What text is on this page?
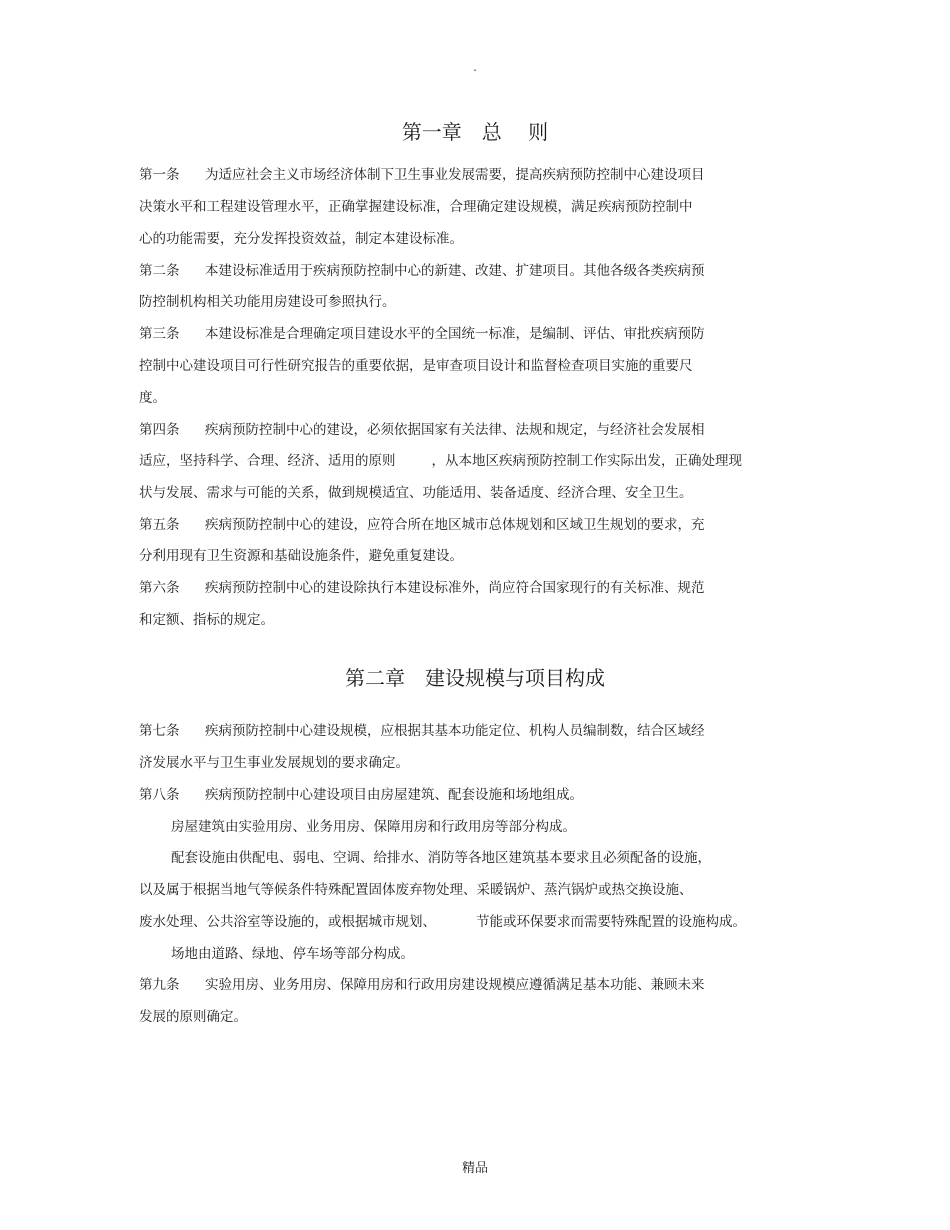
.
第一章　总　 则
第一条 为适应社会主义市场经济体制下卫生事业发展需要，提高疾病预防控制中心建设项目
决策水平和工程建设管理水平，正确掌握建设标准，合理确定建设规模，满足疾病预防控制中
心的功能需要，充分发挥投资效益，制定本建设标准。
第二条 本建设标准适用于疾病预防控制中心的新建、改建、扩建项目。其他各级各类疾病预
防控制机构相关功能用房建设可参照执行。
第三条 本建设标准是合理确定项目建设水平的全国统一标准，是编制、评估、审批疾病预防
控制中心建设项目可行性研究报告的重要依据，是审查项目设计和监督检查项目实施的重要尺
度。
第四条 疾病预防控制中心的建设，必须依据国家有关法律、法规和规定，与经济社会发展相
适应，坚持科学、合理、经济、适用的原则	，从本地区疾病预防控制工作实际出发，正确处理现
状与发展、需求与可能的关系，做到规模适宜、功能适用、装备适度、经济合理、安全卫生。
第五条 疾病预防控制中心的建设，应符合所在地区城市总体规划和区域卫生规划的要求，充
分利用现有卫生资源和基础设施条件，避免重复建设。
第六条 疾病预防控制中心的建设除执行本建设标准外，尚应符合国家现行的有关标准、规范
和定额、指标的规定。
第二章　建设规模与项目构成
第七条 疾病预防控制中心建设规模，应根据其基本功能定位、机构人员编制数，结合区域经
济发展水平与卫生事业发展规划的要求确定。
第八条 疾病预防控制中心建设项目由房屋建筑、配套设施和场地组成。
房屋建筑由实验用房、业务用房、保障用房和行政用房等部分构成。
配套设施由供配电、弱电、空调、给排水、消防等各地区建筑基本要求且必须配备的设施，
以及属于根据当地气等候条件特殊配置固体废弃物处理、采暖锅炉、蒸汽锅炉或热交换设施、
废水处理、公共浴室等设施的，或根据城市规划、	节能或环保要求而需要特殊配置的设施构成。
场地由道路、绿地、停车场等部分构成。
第九条 实验用房、业务用房、保障用房和行政用房建设规模应遵循满足基本功能、兼顾未来
发展的原则确定。
精品
